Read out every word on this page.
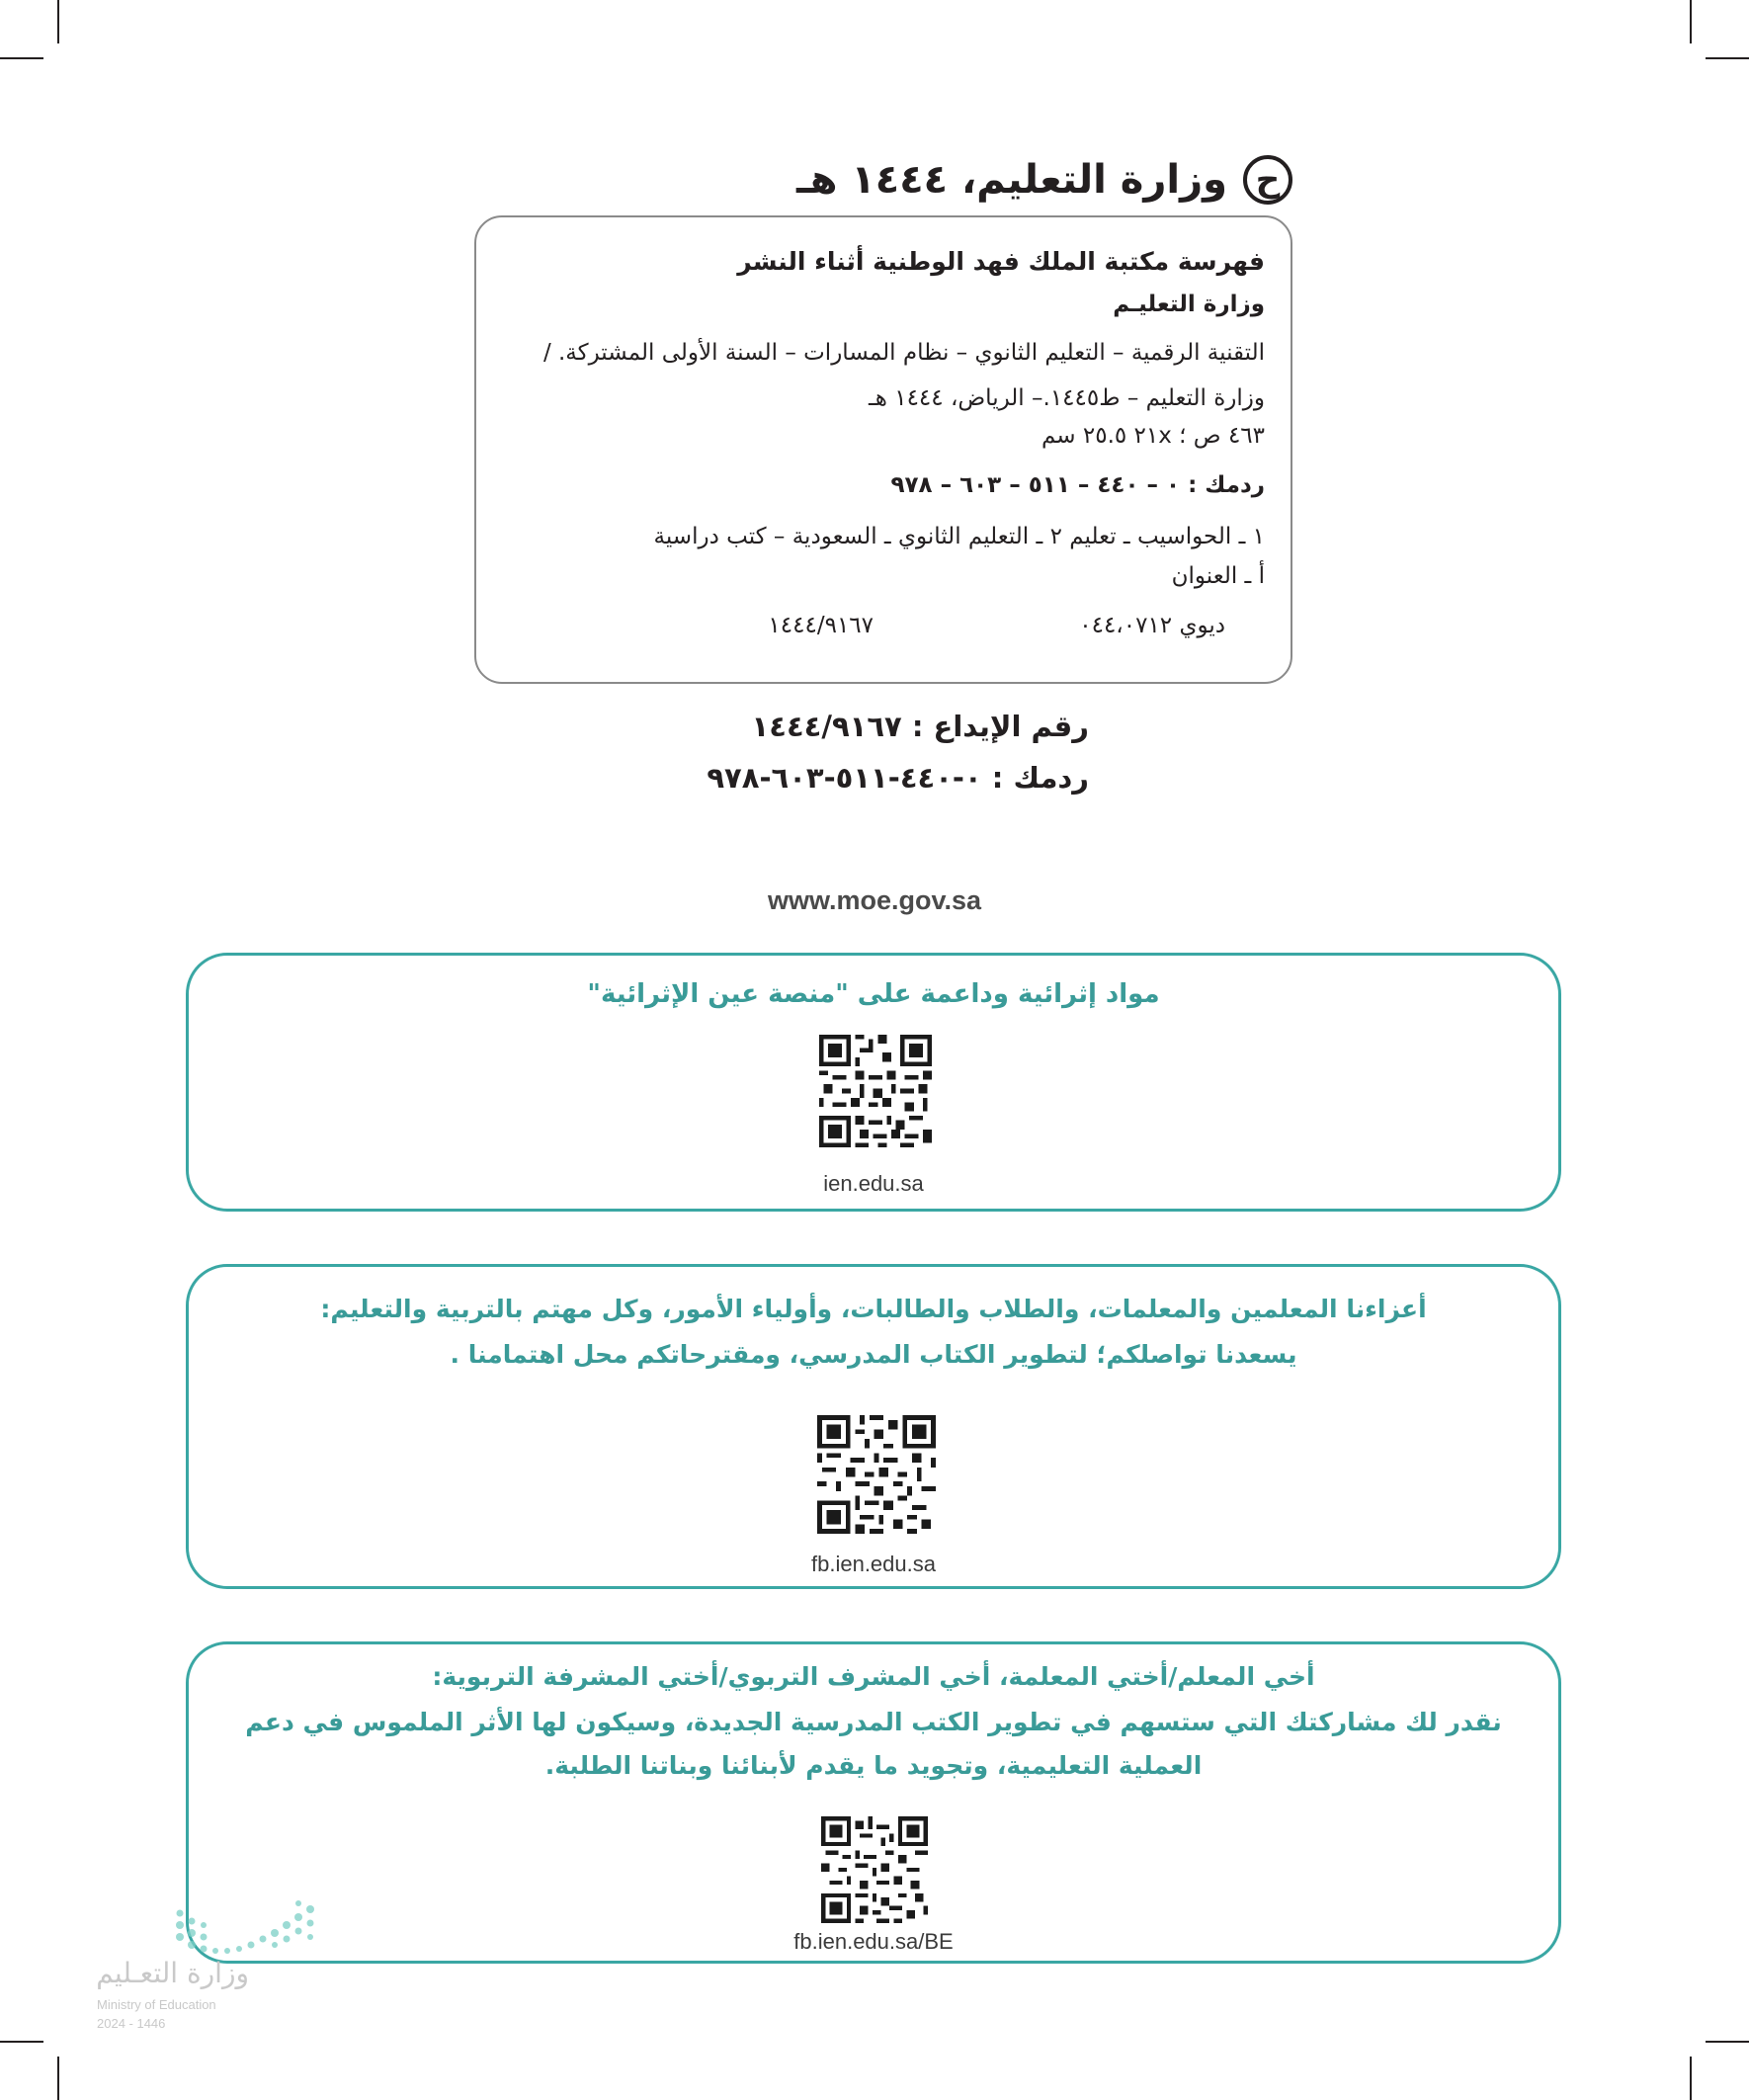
ح
وزارة التعليم، ١٤٤٤ هـ
فهرسة مكتبة الملك فهد الوطنية أثناء النشر
وزارة التعليـم
التقنية الرقمية – التعليم الثانوي – نظام المسارات – السنة الأولى المشتركة. /
وزارة التعليم – ط١٤٤٥.– الرياض، ١٤٤٤ هـ
٤٦٣ ص ؛ ٢١x ٢٥.٥ سم
ردمك : ٠ – ٤٤٠ – ٥١١ – ٦٠٣ – ٩٧٨
١ ـ الحواسيب ـ تعليم ٢ ـ التعليم الثانوي ـ السعودية – كتب دراسية
أ ـ العنوان
ديوي ٠٤٤،٠٧١٢
١٤٤٤/٩١٦٧
رقم الإيداع : ١٤٤٤/٩١٦٧
ردمك : ٠-٤٤٠-٥١١-٦٠٣-٩٧٨
www.moe.gov.sa
مواد إثرائية وداعمة على "منصة عين الإثرائية"
ien.edu.sa
أعزاءنا المعلمين والمعلمات، والطلاب والطالبات، وأولياء الأمور، وكل مهتم بالتربية والتعليم:
يسعدنا تواصلكم؛ لتطوير الكتاب المدرسي، ومقترحاتكم محل اهتمامنا .
fb.ien.edu.sa
أخي المعلم/أختي المعلمة، أخي المشرف التربوي/أختي المشرفة التربوية:
نقدر لك مشاركتك التي ستسهم في تطوير الكتب المدرسية الجديدة، وسيكون لها الأثر الملموس في دعم
العملية التعليمية، وتجويد ما يقدم لأبنائنا وبناتنا الطلبة.
fb.ien.edu.sa/BE
وزارة التعـليم
Ministry of Education
2024 - 1446
